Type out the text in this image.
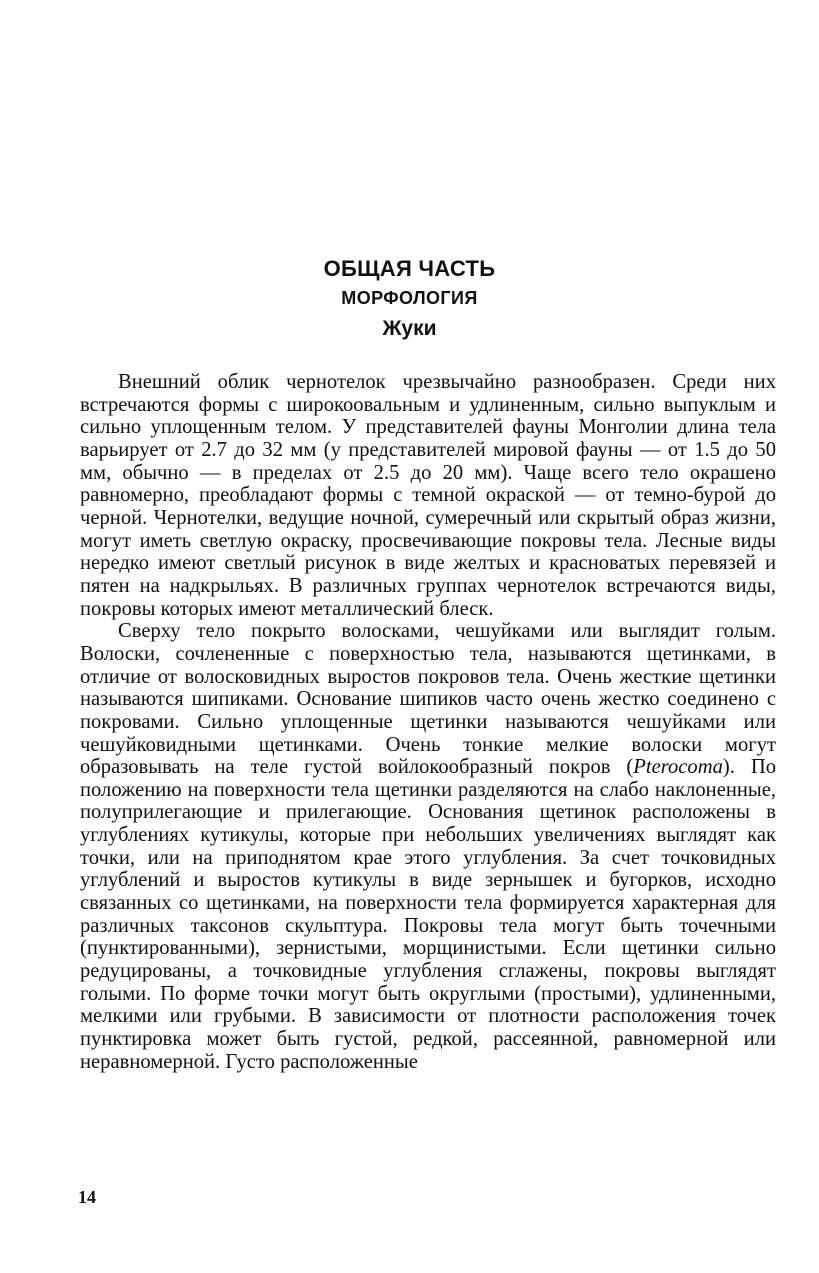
ОБЩАЯ ЧАСТЬ
МОРФОЛОГИЯ
Жуки

Внешний облик чернотелок чрезвычайно разнообразен. Среди них встречаются формы с широкоовальным и удлиненным, сильно выпуклым и сильно уплощенным телом. У представителей фауны Монголии длина тела варьирует от 2.7 до 32 мм (у представителей мировой фауны — от 1.5 до 50 мм, обычно — в пределах от 2.5 до 20 мм). Чаще всего тело окрашено равномерно, преобладают формы с темной окраской — от темно-бурой до черной. Чернотелки, ведущие ночной, сумеречный или скрытый образ жизни, могут иметь светлую окраску, просвечивающие покровы тела. Лесные виды нередко имеют светлый рисунок в виде желтых и красноватых перевязей и пятен на надкрыльях. В различных группах чернотелок встречаются виды, покровы которых имеют металлический блеск.

Сверху тело покрыто волосками, чешуйками или выглядит голым. Волоски, сочлененные с поверхностью тела, называются щетинками, в отличие от волосковидных выростов покровов тела. Очень жесткие щетинки называются шипиками. Основание шипиков часто очень жестко соединено с покровами. Сильно уплощенные щетинки называются чешуйками или чешуйковидными щетинками. Очень тонкие мелкие волоски могут образовывать на теле густой войлокообразный покров (Pterocoma). По положению на поверхности тела щетинки разделяются на слабо наклоненные, полуприлегающие и прилегающие. Основания щетинок расположены в углублениях кутикулы, которые при небольших увеличениях выглядят как точки, или на приподнятом крае этого углубления. За счет точковидных углублений и выростов кутикулы в виде зернышек и бугорков, исходно связанных со щетинками, на поверхности тела формируется характерная для различных таксонов скульптура. Покровы тела могут быть точечными (пунктированными), зернистыми, морщинистыми. Если щетинки сильно редуцированы, а точковидные углубления сглажены, покровы выглядят голыми. По форме точки могут быть округлыми (простыми), удлиненными, мелкими или грубыми. В зависимости от плотности расположения точек пунктировка может быть густой, редкой, рассеянной, равномерной или неравномерной. Густо расположенные

14
